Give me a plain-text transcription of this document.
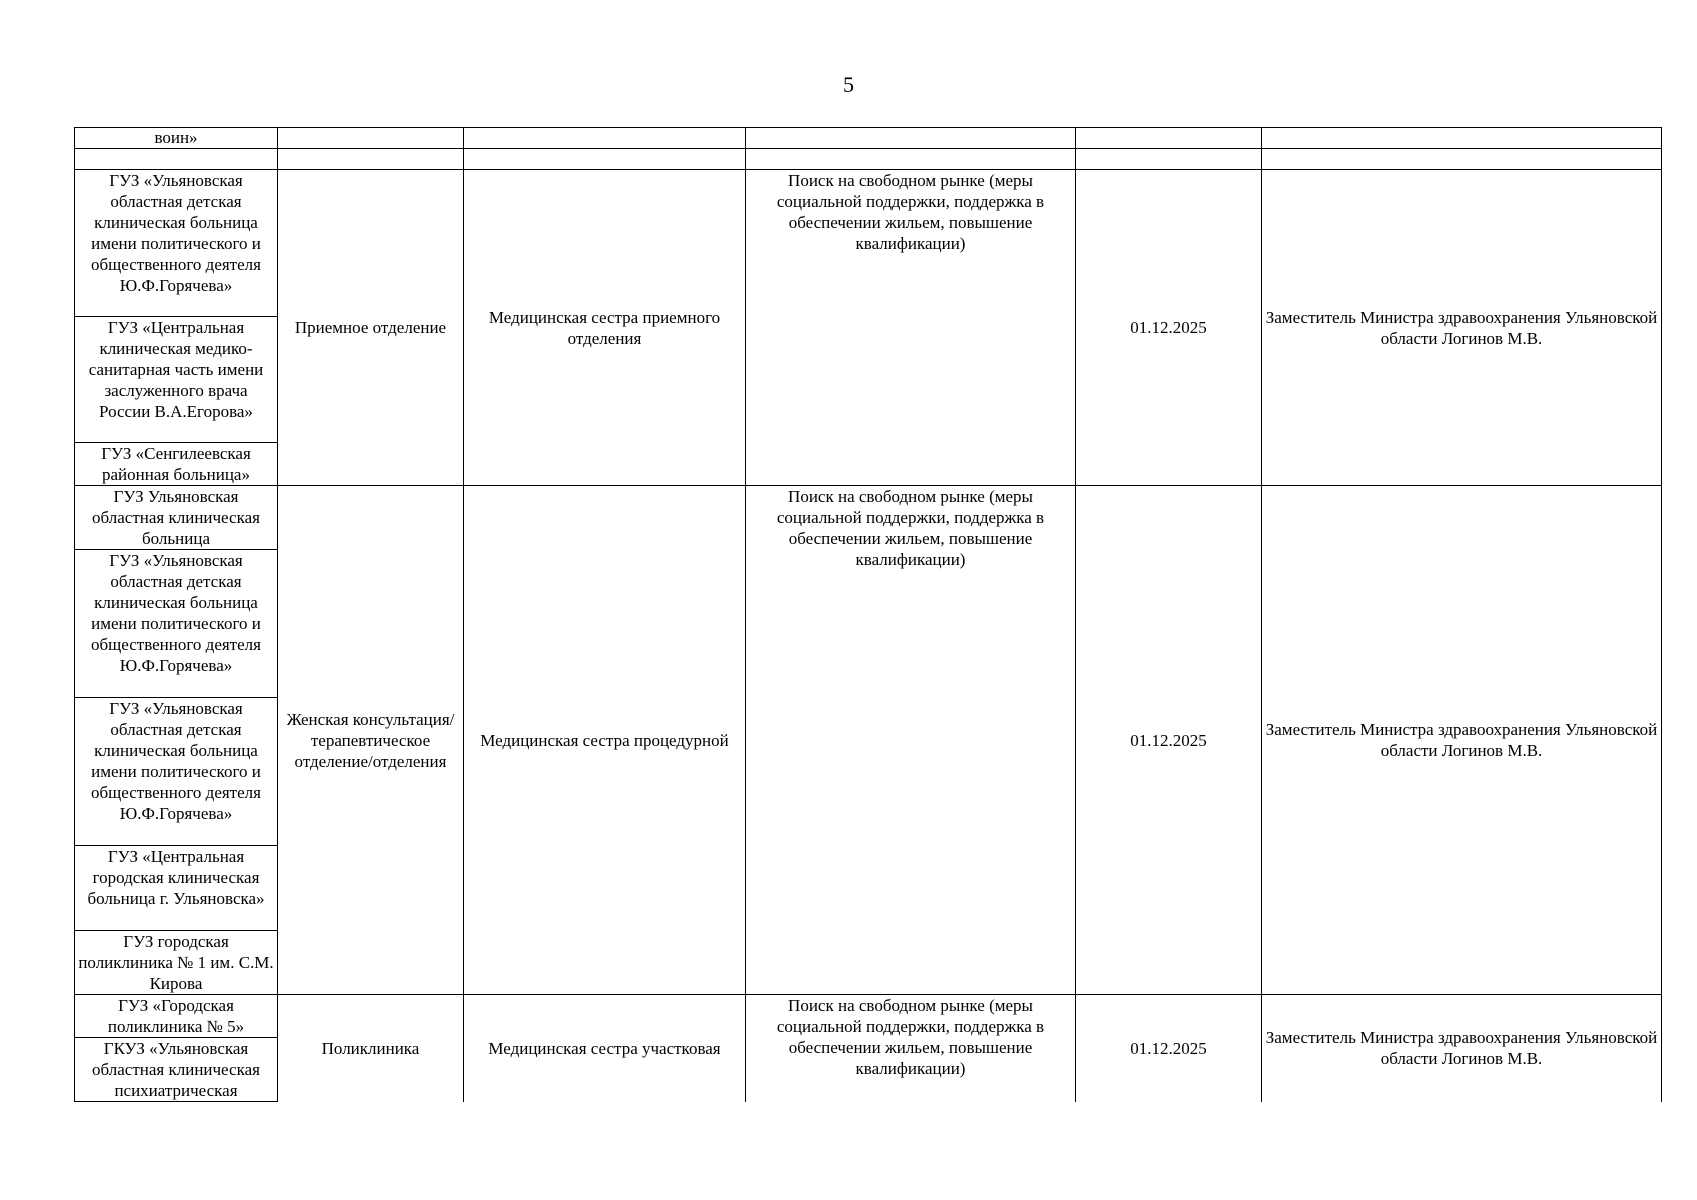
5
воин»					

ГУЗ «Ульяновская областная детская клиническая больница имени политического и общественного деятеля Ю.Ф.Горячева»	Приемное отделение	Медицинская сестра приемного отделения	Поиск на свободном рынке (меры социальной поддержки, поддержка в обеспечении жильем, повышение квалификации)	01.12.2025	Заместитель Министра здравоохранения Ульяновской области Логинов М.В.
ГУЗ «Центральная клиническая медико-санитарная часть имени заслуженного врача России В.А.Егорова»					
ГУЗ «Сенгилеевская районная больница»					
ГУЗ Ульяновская областная клиническая больница	Женская консультация/ терапевтическое отделение/отделения	Медицинская сестра процедурной	Поиск на свободном рынке (меры социальной поддержки, поддержка в обеспечении жильем, повышение квалификации)	01.12.2025	Заместитель Министра здравоохранения Ульяновской области Логинов М.В.
ГУЗ «Ульяновская областная детская клиническая больница имени политического и общественного деятеля Ю.Ф.Горячева»					
ГУЗ «Ульяновская областная детская клиническая больница имени политического и общественного деятеля Ю.Ф.Горячева»					
ГУЗ «Центральная городская клиническая больница г. Ульяновска»					
ГУЗ городская поликлиника № 1 им. С.М. Кирова					
ГУЗ «Городская поликлиника № 5»	Поликлиника	Медицинская сестра участковая	Поиск на свободном рынке (меры социальной поддержки, поддержка в обеспечении жильем, повышение квалификации)	01.12.2025	Заместитель Министра здравоохранения Ульяновской области Логинов М.В.
ГКУЗ «Ульяновская областная клиническая психиатрическая					
